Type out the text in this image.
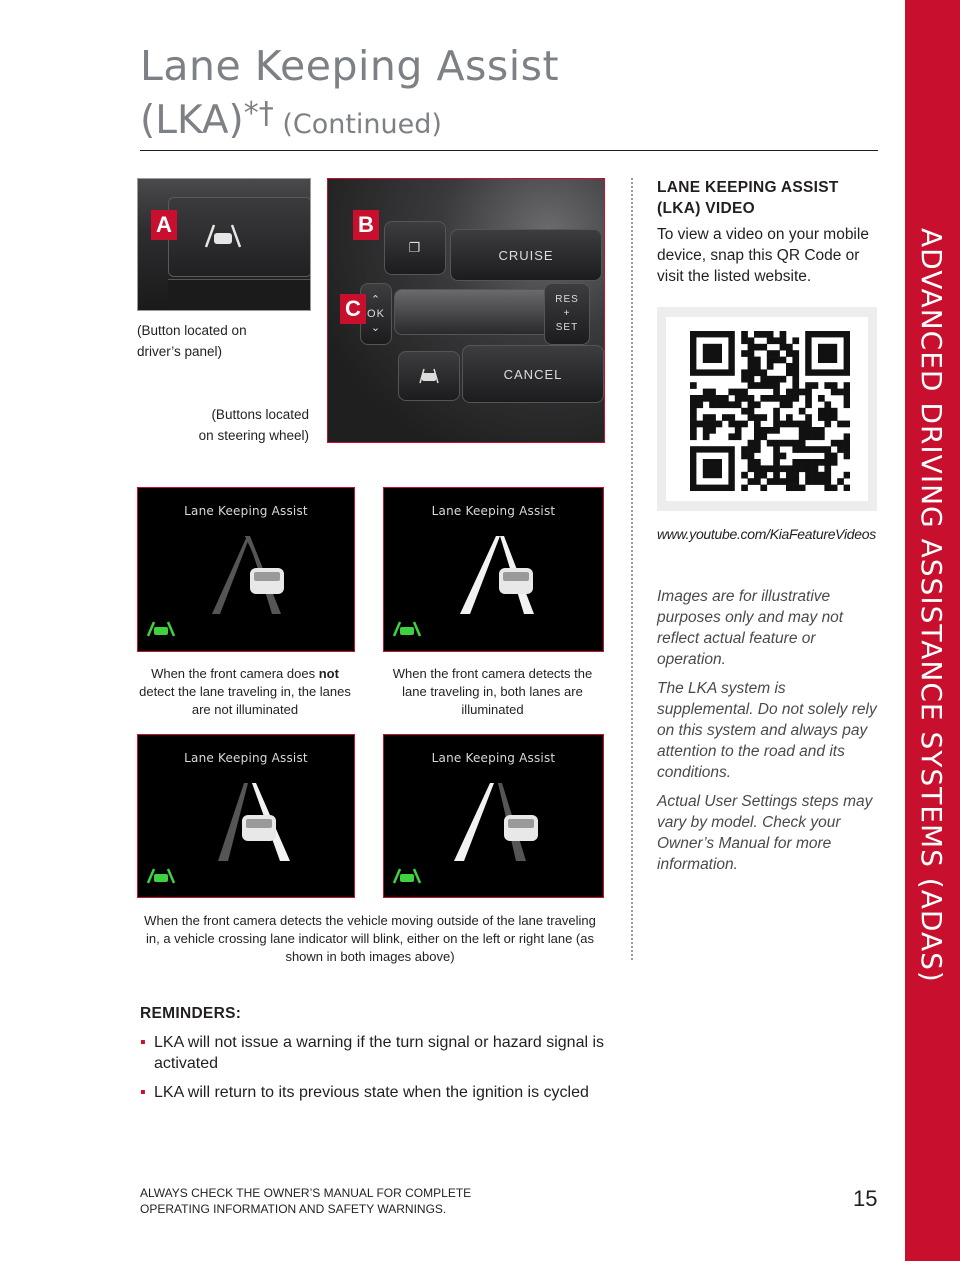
Lane Keeping Assist
(LKA)*† (Continued)
ADVANCED DRIVING ASSISTANCE SYSTEMS (ADAS)
A
(Button located on
driver’s panel)
(Buttons located
on steering wheel)
❐	CRUISE
⌃
OK
⌄
RES
+
SET
CANCEL
B
C
Lane Keeping Assist	Lane Keeping Assist
When the front camera does not detect the lane traveling in, the lanes are not illuminated
When the front camera detects the lane traveling in, both lanes are illuminated
Lane Keeping Assist	Lane Keeping Assist
When the front camera detects the vehicle moving outside of the lane traveling in, a vehicle crossing lane indicator will blink, either on the left or right lane (as shown in both images above)
LANE KEEPING ASSIST (LKA) VIDEO
To view a video on your mobile device, snap this QR Code or visit the listed website.
www.youtube.com/KiaFeatureVideos
Images are for illustrative purposes only and may not reflect actual feature or operation.
The LKA system is supplemental. Do not solely rely on this system and always pay attention to the road and its conditions.
Actual User Settings steps may vary by model. Check your Owner’s Manual for more information.
REMINDERS:
▪ LKA will not issue a warning if the turn signal or hazard signal is activated
▪ LKA will return to its previous state when the ignition is cycled
ALWAYS CHECK THE OWNER’S MANUAL FOR COMPLETE
OPERATING INFORMATION AND SAFETY WARNINGS.	15
